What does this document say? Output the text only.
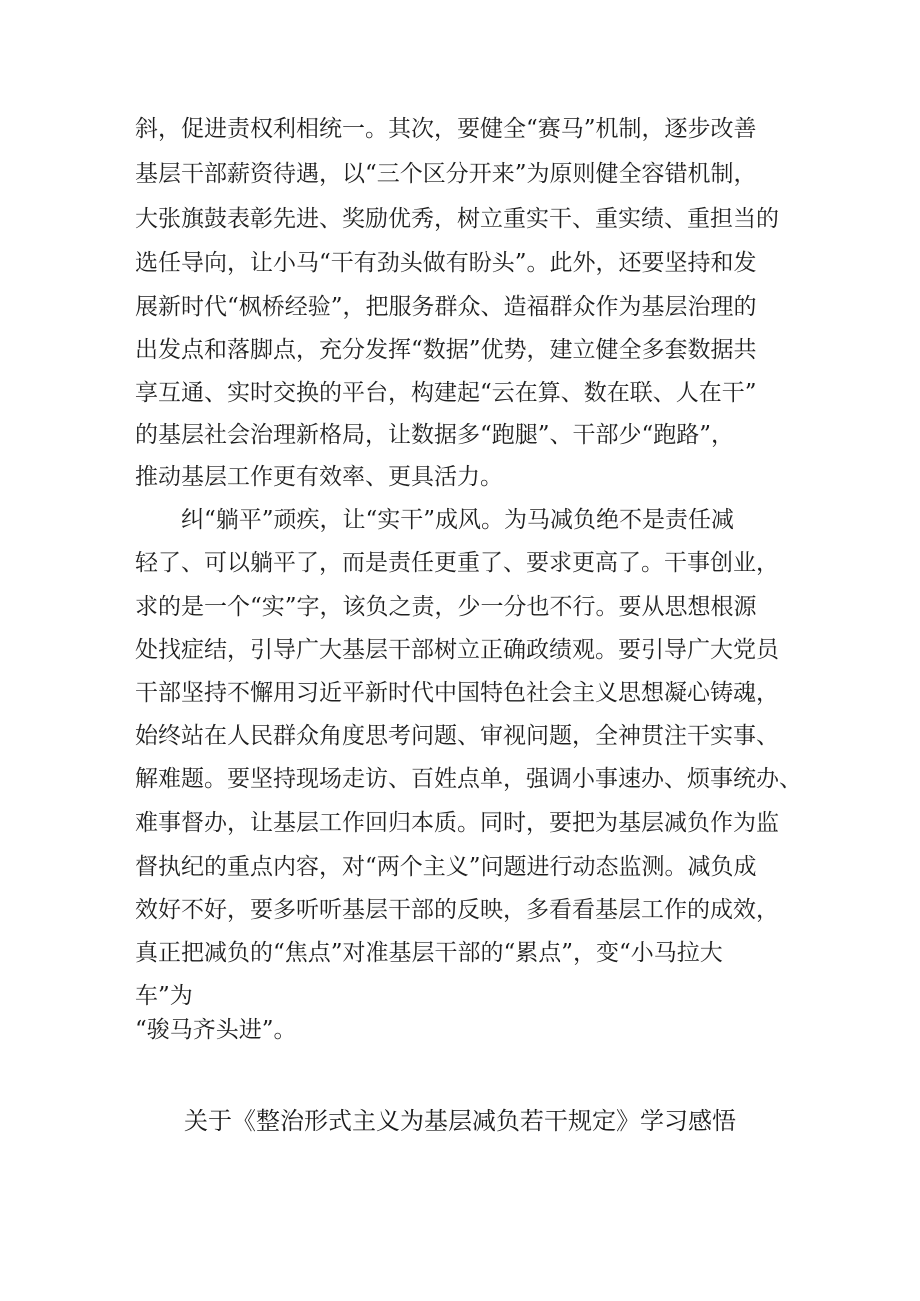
斜，促进责权利相统一。其次，要健全“赛马”机制，逐步改善
基层干部薪资待遇，以“三个区分开来”为原则健全容错机制，
大张旗鼓表彰先进、奖励优秀，树立重实干、重实绩、重担当的
选任导向，让小马“干有劲头做有盼头”。此外，还要坚持和发
展新时代“枫桥经验”，把服务群众、造福群众作为基层治理的
出发点和落脚点，充分发挥“数据”优势，建立健全多套数据共
享互通、实时交换的平台，构建起“云在算、数在联、人在干”
的基层社会治理新格局，让数据多“跑腿”、干部少“跑路”，
推动基层工作更有效率、更具活力。
纠“躺平”顽疾，让“实干”成风。为马减负绝不是责任减
轻了、可以躺平了，而是责任更重了、要求更高了。干事创业，
求的是一个“实”字，该负之责，少一分也不行。要从思想根源
处找症结，引导广大基层干部树立正确政绩观。要引导广大党员
干部坚持不懈用习近平新时代中国特色社会主义思想凝心铸魂，
始终站在人民群众角度思考问题、审视问题，全神贯注干实事、
解难题。要坚持现场走访、百姓点单，强调小事速办、烦事统办、
难事督办，让基层工作回归本质。同时，要把为基层减负作为监
督执纪的重点内容，对“两个主义”问题进行动态监测。减负成
效好不好，要多听听基层干部的反映，多看看基层工作的成效，
真正把减负的“焦点”对准基层干部的“累点”，变“小马拉大
车”为
“骏马齐头进”。
关于《整治形式主义为基层减负若干规定》学习感悟
